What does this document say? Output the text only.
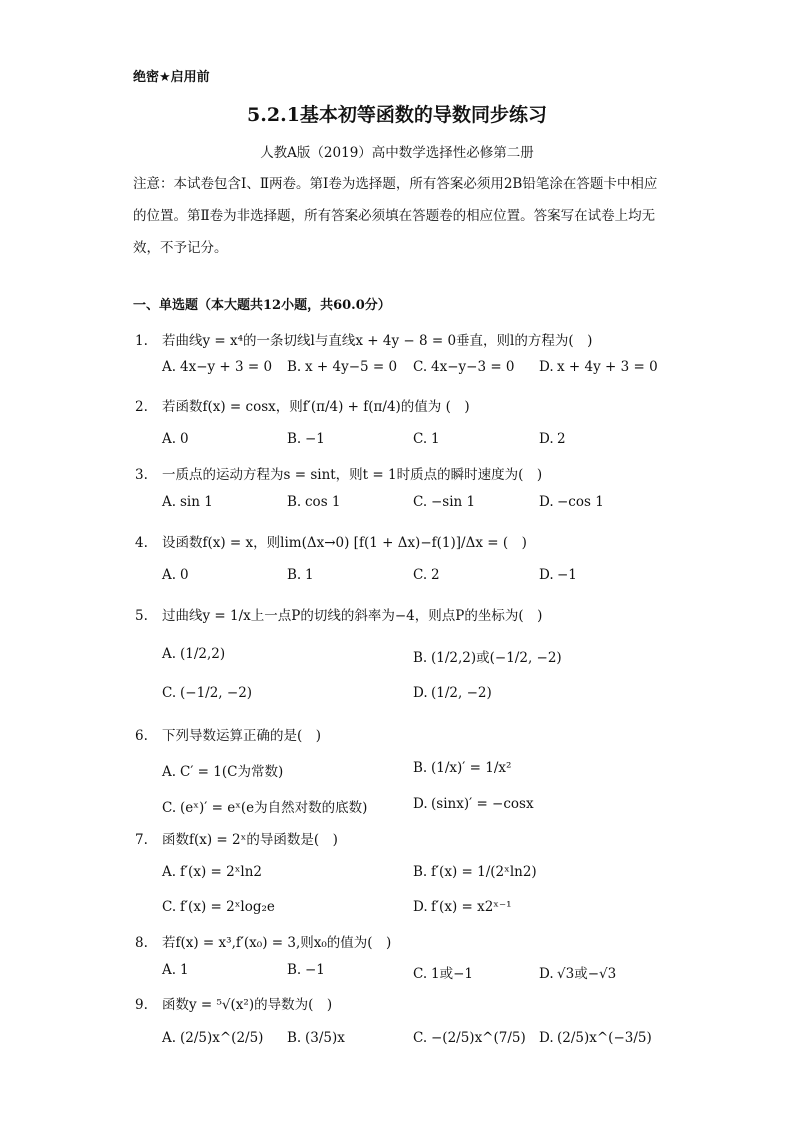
绝密★启用前
5.2.1基本初等函数的导数同步练习
人教A版（2019）高中数学选择性必修第二册
注意：本试卷包含Ⅰ、Ⅱ两卷。第Ⅰ卷为选择题，所有答案必须用2B铅笔涂在答题卡中相应的位置。第Ⅱ卷为非选择题，所有答案必须填在答题卷的相应位置。答案写在试卷上均无效，不予记分。
一、单选题（本大题共12小题，共60.0分）
1. 若曲线y = x⁴的一条切线l与直线x + 4y − 8 = 0垂直，则l的方程为(　)
A. 4x−y + 3 = 0 B. x + 4y−5 = 0 C. 4x−y−3 = 0 D. x + 4y + 3 = 0
2. 若函数f(x) = cosx，则f′(π/4) + f(π/4)的值为 (　)
A. 0	B. −1	C. 1	D. 2
3. 一质点的运动方程为s = sint，则t = 1时质点的瞬时速度为(　)
A. sin 1	B. cos 1	C. −sin 1	D. −cos 1
4. 设函数f(x) = x，则lim(Δx→0) [f(1 + Δx)−f(1)]/Δx = (　)
A. 0	B. 1	C. 2	D. −1
5. 过曲线y = 1/x上一点P的切线的斜率为−4，则点P的坐标为(　)
A. (1/2,2)	B. (1/2,2)或(−1/2, −2)
C. (−1/2, −2)	D. (1/2, −2)
6. 下列导数运算正确的是(　)
A. C′ = 1(C为常数)	B. (1/x)′ = 1/x²
C. (eˣ)′ = eˣ(e为自然对数的底数)	D. (sinx)′ = −cosx
7. 函数f(x) = 2ˣ的导函数是(　)
A. f′(x) = 2ˣln2	B. f′(x) = 1/(2ˣln2)
C. f′(x) = 2ˣlog₂e	D. f′(x) = x2ˣ⁻¹
8. 若f(x) = x³,f′(x₀) = 3,则x₀的值为(　)
A. 1	B. −1	C. 1或−1	D. √3或−√3
9. 函数y = ⁵√(x²)的导数为(　)
A. (2/5)x^(2/5) B. (3/5)x	C. −(2/5)x^(7/5) D. (2/5)x^(−3/5)
